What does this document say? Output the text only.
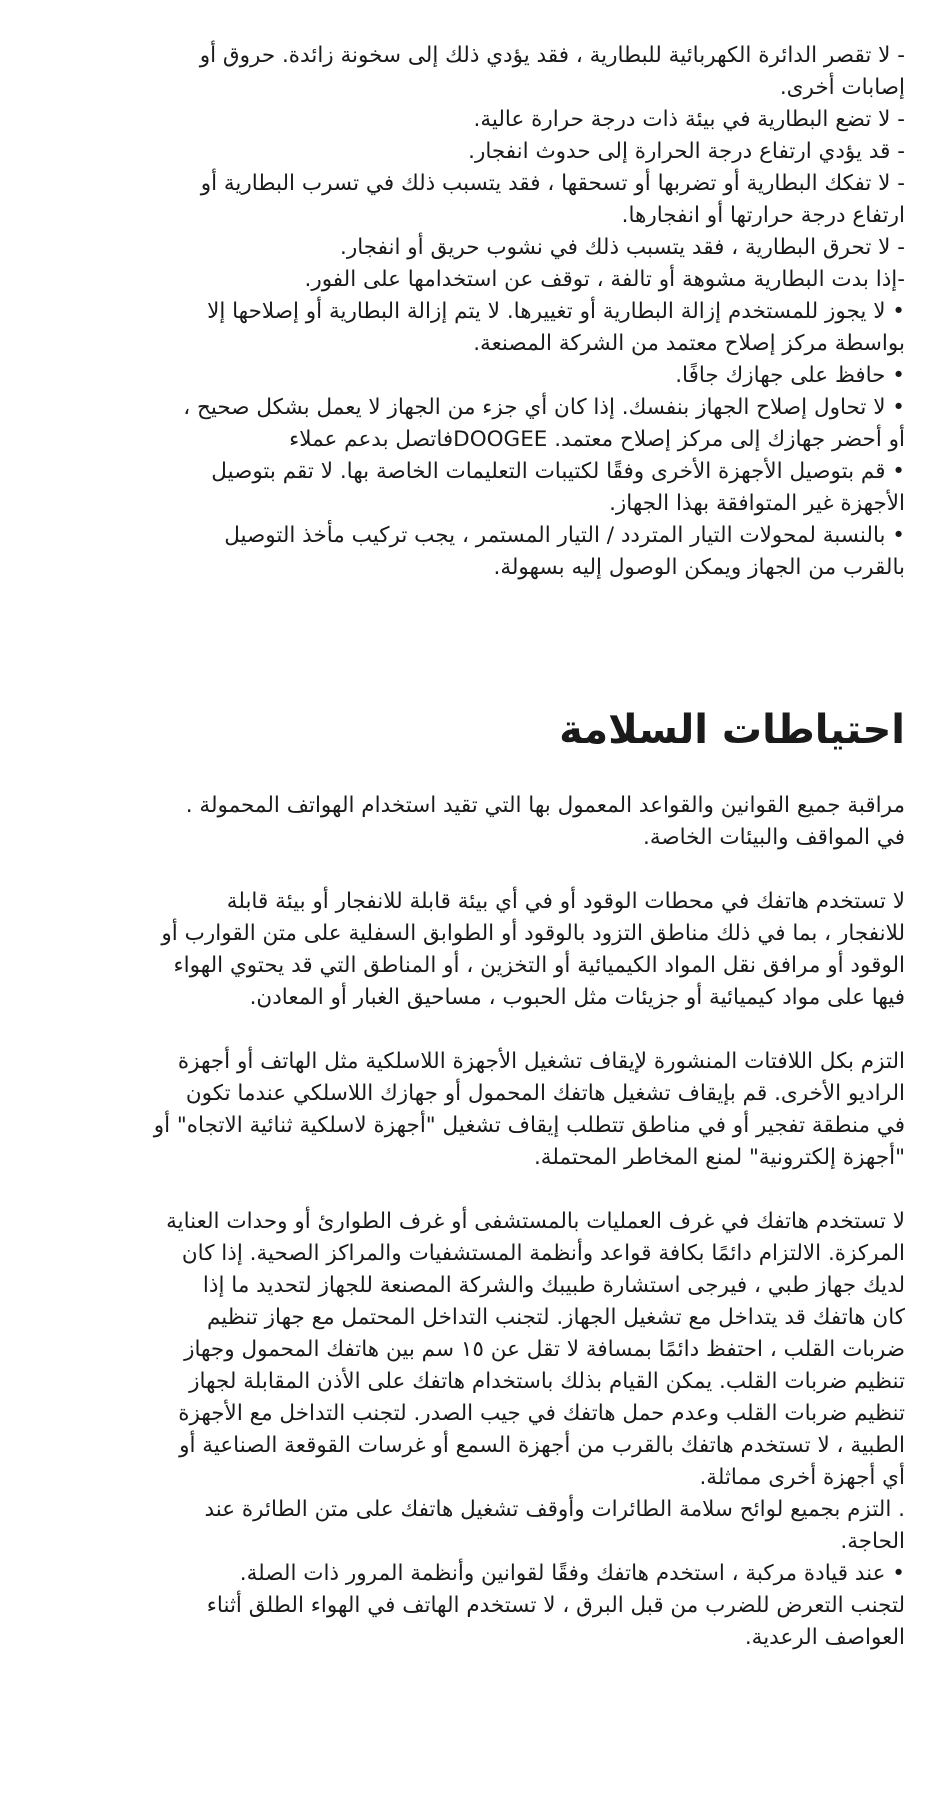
- لا تقصر الدائرة الكهربائية للبطارية ، فقد يؤدي ذلك إلى سخونة زائدة. حروق أو

إصابات أخرى.

- لا تضع البطارية في بيئة ذات درجة حرارة عالية.

- قد يؤدي ارتفاع درجة الحرارة إلى حدوث انفجار.

- لا تفكك البطارية أو تضربها أو تسحقها ، فقد يتسبب ذلك في تسرب البطارية أو

ارتفاع درجة حرارتها أو انفجارها.

- لا تحرق البطارية ، فقد يتسبب ذلك في نشوب حريق أو انفجار.

-إذا بدت البطارية مشوهة أو تالفة ، توقف عن استخدامها على الفور.

• لا يجوز للمستخدم إزالة البطارية أو تغييرها. لا يتم إزالة البطارية أو إصلاحها إلا

بواسطة مركز إصلاح معتمد من الشركة المصنعة.

• حافظ على جهازك جافًا.

• لا تحاول إصلاح الجهاز بنفسك. إذا كان أي جزء من الجهاز لا يعمل بشكل صحيح ،

أو أحضر جهازك إلى مركز إصلاح معتمد. DOOGEEفاتصل بدعم عملاء

• قم بتوصيل الأجهزة الأخرى وفقًا لكتيبات التعليمات الخاصة بها. لا تقم بتوصيل

الأجهزة غير المتوافقة بهذا الجهاز.

• بالنسبة لمحولات التيار المتردد / التيار المستمر ، يجب تركيب مأخذ التوصيل

بالقرب من الجهاز ويمكن الوصول إليه بسهولة.

احتياطات السلامة

مراقبة جميع القوانين والقواعد المعمول بها التي تقيد استخدام الهواتف المحمولة .

في المواقف والبيئات الخاصة.

لا تستخدم هاتفك في محطات الوقود أو في أي بيئة قابلة للانفجار أو بيئة قابلة

للانفجار ، بما في ذلك مناطق التزود بالوقود أو الطوابق السفلية على متن القوارب أو

الوقود أو مرافق نقل المواد الكيميائية أو التخزين ، أو المناطق التي قد يحتوي الهواء

فيها على مواد كيميائية أو جزيئات مثل الحبوب ، مساحيق الغبار أو المعادن.

التزم بكل اللافتات المنشورة لإيقاف تشغيل الأجهزة اللاسلكية مثل الهاتف أو أجهزة

الراديو الأخرى. قم بإيقاف تشغيل هاتفك المحمول أو جهازك اللاسلكي عندما تكون

في منطقة تفجير أو في مناطق تتطلب إيقاف تشغيل "أجهزة لاسلكية ثنائية الاتجاه" أو

"أجهزة إلكترونية" لمنع المخاطر المحتملة.

لا تستخدم هاتفك في غرف العمليات بالمستشفى أو غرف الطوارئ أو وحدات العناية

المركزة. الالتزام دائمًا بكافة قواعد وأنظمة المستشفيات والمراكز الصحية. إذا كان

لديك جهاز طبي ، فيرجى استشارة طبيبك والشركة المصنعة للجهاز لتحديد ما إذا

كان هاتفك قد يتداخل مع تشغيل الجهاز. لتجنب التداخل المحتمل مع جهاز تنظيم

ضربات القلب ، احتفظ دائمًا بمسافة لا تقل عن ١٥ سم بين هاتفك المحمول وجهاز

تنظيم ضربات القلب. يمكن القيام بذلك باستخدام هاتفك على الأذن المقابلة لجهاز

تنظيم ضربات القلب وعدم حمل هاتفك في جيب الصدر. لتجنب التداخل مع الأجهزة

الطبية ، لا تستخدم هاتفك بالقرب من أجهزة السمع أو غرسات القوقعة الصناعية أو

أي أجهزة أخرى مماثلة.

. التزم بجميع لوائح سلامة الطائرات وأوقف تشغيل هاتفك على متن الطائرة عند

الحاجة.

• عند قيادة مركبة ، استخدم هاتفك وفقًا لقوانين وأنظمة المرور ذات الصلة.

لتجنب التعرض للضرب من قبل البرق ، لا تستخدم الهاتف في الهواء الطلق أثناء

العواصف الرعدية.
